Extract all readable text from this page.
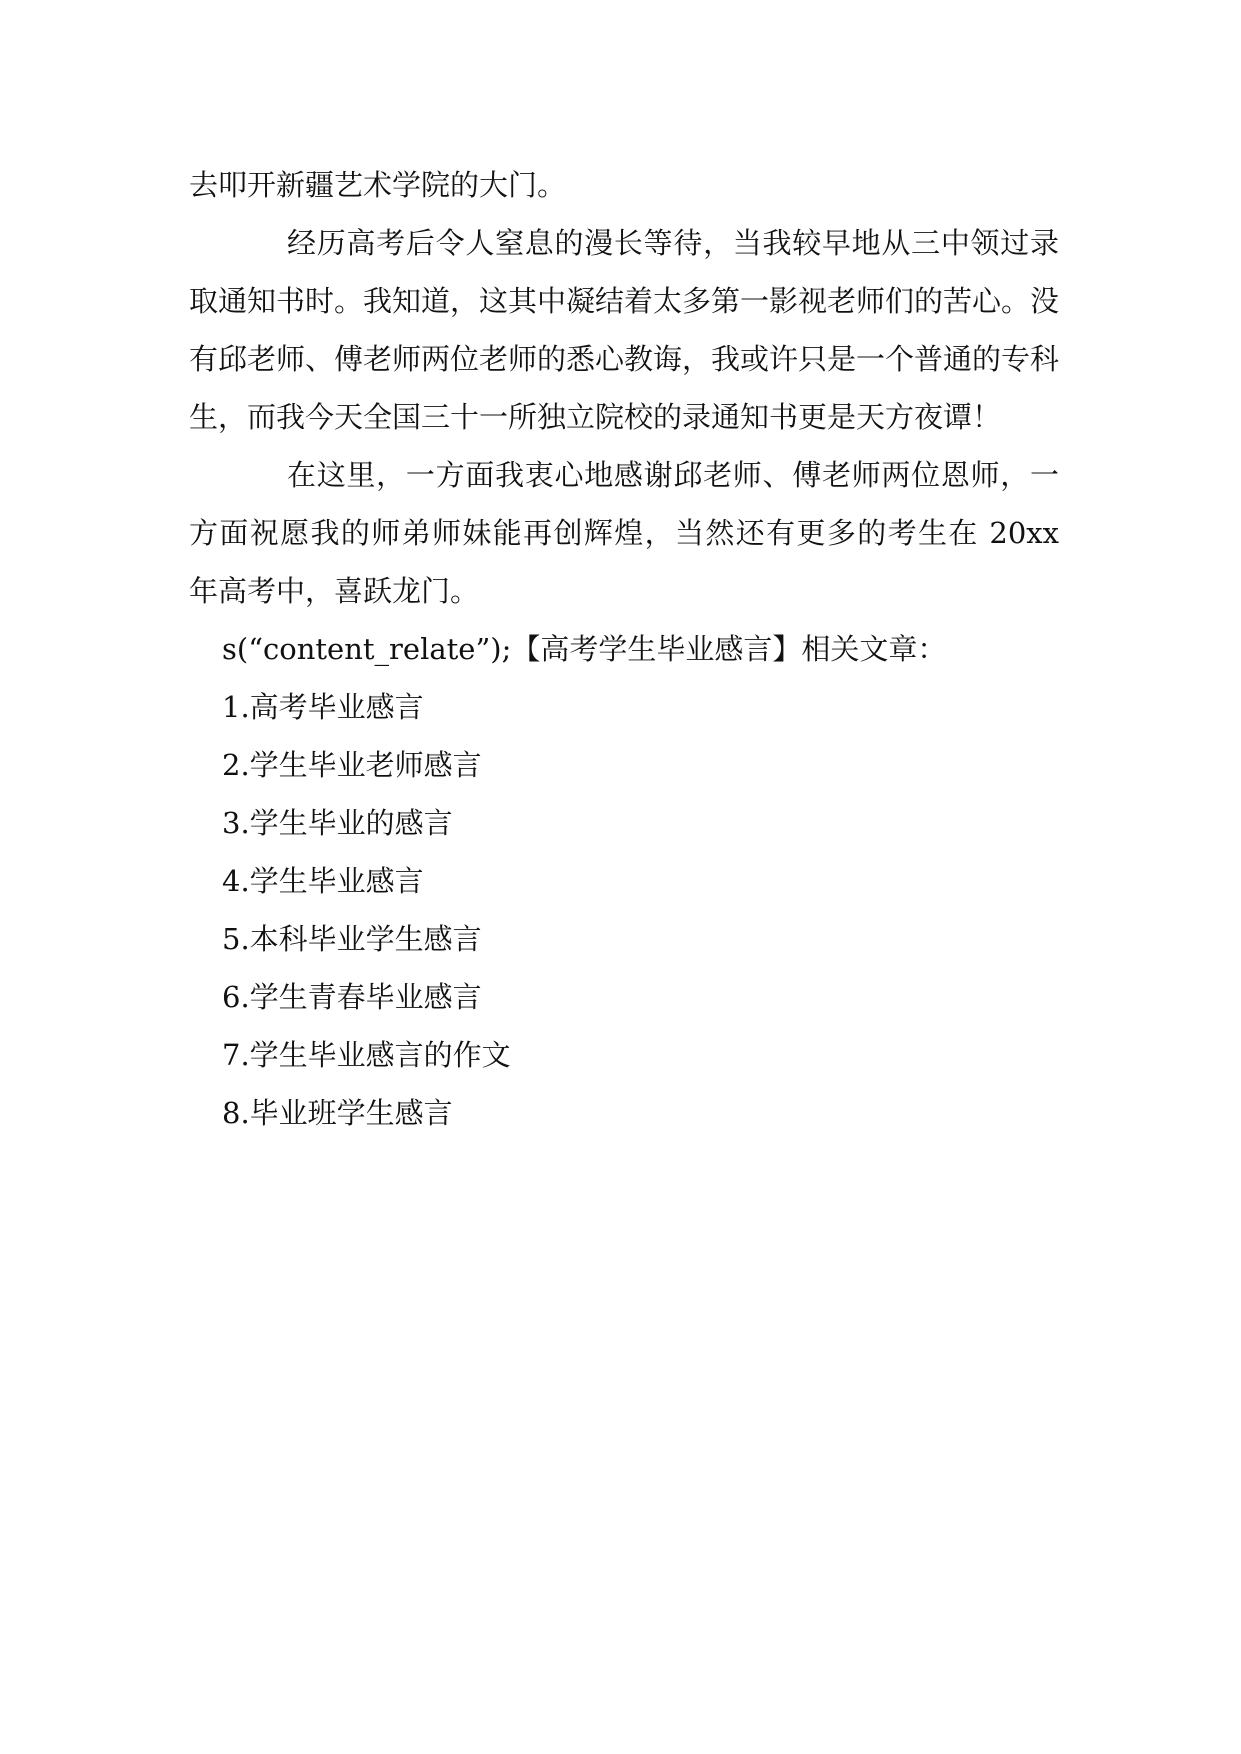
去叩开新疆艺术学院的大门。

经历高考后令人窒息的漫长等待，当我较早地从三中领过录取通知书时。我知道，这其中凝结着太多第一影视老师们的苦心。没有邱老师、傅老师两位老师的悉心教诲，我或许只是一个普通的专科生，而我今天全国三十一所独立院校的录通知书更是天方夜谭！

在这里，一方面我衷心地感谢邱老师、傅老师两位恩师，一方面祝愿我的师弟师妹能再创辉煌，当然还有更多的考生在 20xx 年高考中，喜跃龙门。

s(“content_relate”);【高考学生毕业感言】相关文章：

1.高考毕业感言
2.学生毕业老师感言
3.学生毕业的感言
4.学生毕业感言
5.本科毕业学生感言
6.学生青春毕业感言
7.学生毕业感言的作文
8.毕业班学生感言
